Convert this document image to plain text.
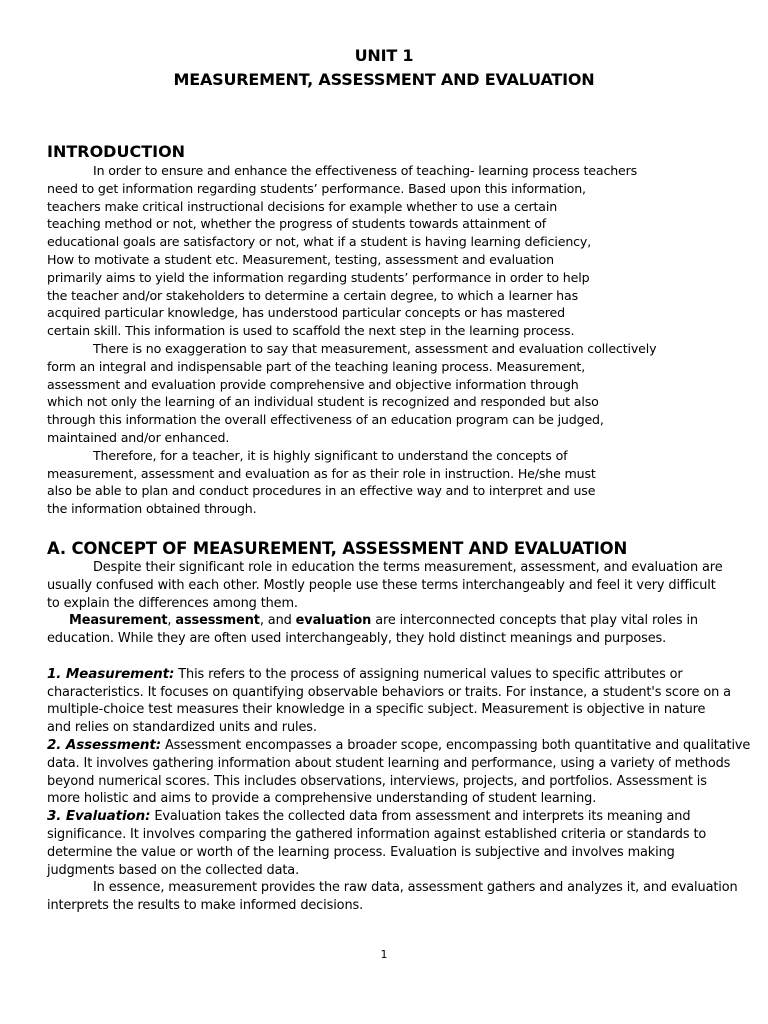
UNIT 1
MEASUREMENT, ASSESSMENT AND EVALUATION
INTRODUCTION
In order to ensure and enhance the effectiveness of teaching- learning process teachers
need to get information regarding students’ performance. Based upon this information,
teachers make critical instructional decisions for example whether to use a certain
teaching method or not, whether the progress of students towards attainment of
educational goals are satisfactory or not, what if a student is having learning deficiency,
How to motivate a student etc. Measurement, testing, assessment and evaluation
primarily aims to yield the information regarding students’ performance in order to help
the teacher and/or stakeholders to determine a certain degree, to which a learner has
acquired particular knowledge, has understood particular concepts or has mastered
certain skill. This information is used to scaffold the next step in the learning process.
There is no exaggeration to say that measurement, assessment and evaluation collectively
form an integral and indispensable part of the teaching leaning process. Measurement,
assessment and evaluation provide comprehensive and objective information through
which not only the learning of an individual student is recognized and responded but also
through this information the overall effectiveness of an education program can be judged,
maintained and/or enhanced.
Therefore, for a teacher, it is highly significant to understand the concepts of
measurement, assessment and evaluation as for as their role in instruction. He/she must
also be able to plan and conduct procedures in an effective way and to interpret and use
the information obtained through.
A. CONCEPT OF MEASUREMENT, ASSESSMENT AND EVALUATION
Despite their significant role in education the terms measurement, assessment, and evaluation are
usually confused with each other. Mostly people use these terms interchangeably and feel it very difficult
to explain the differences among them.
Measurement, assessment, and evaluation are interconnected concepts that play vital roles in
education. While they are often used interchangeably, they hold distinct meanings and purposes.
1. Measurement: This refers to the process of assigning numerical values to specific attributes or
characteristics. It focuses on quantifying observable behaviors or traits. For instance, a student's score on a
multiple-choice test measures their knowledge in a specific subject. Measurement is objective in nature
and relies on standardized units and rules.
2. Assessment: Assessment encompasses a broader scope, encompassing both quantitative and qualitative
data. It involves gathering information about student learning and performance, using a variety of methods
beyond numerical scores. This includes observations, interviews, projects, and portfolios. Assessment is
more holistic and aims to provide a comprehensive understanding of student learning.
3. Evaluation: Evaluation takes the collected data from assessment and interprets its meaning and
significance. It involves comparing the gathered information against established criteria or standards to
determine the value or worth of the learning process. Evaluation is subjective and involves making
judgments based on the collected data.
In essence, measurement provides the raw data, assessment gathers and analyzes it, and evaluation
interprets the results to make informed decisions.
1
